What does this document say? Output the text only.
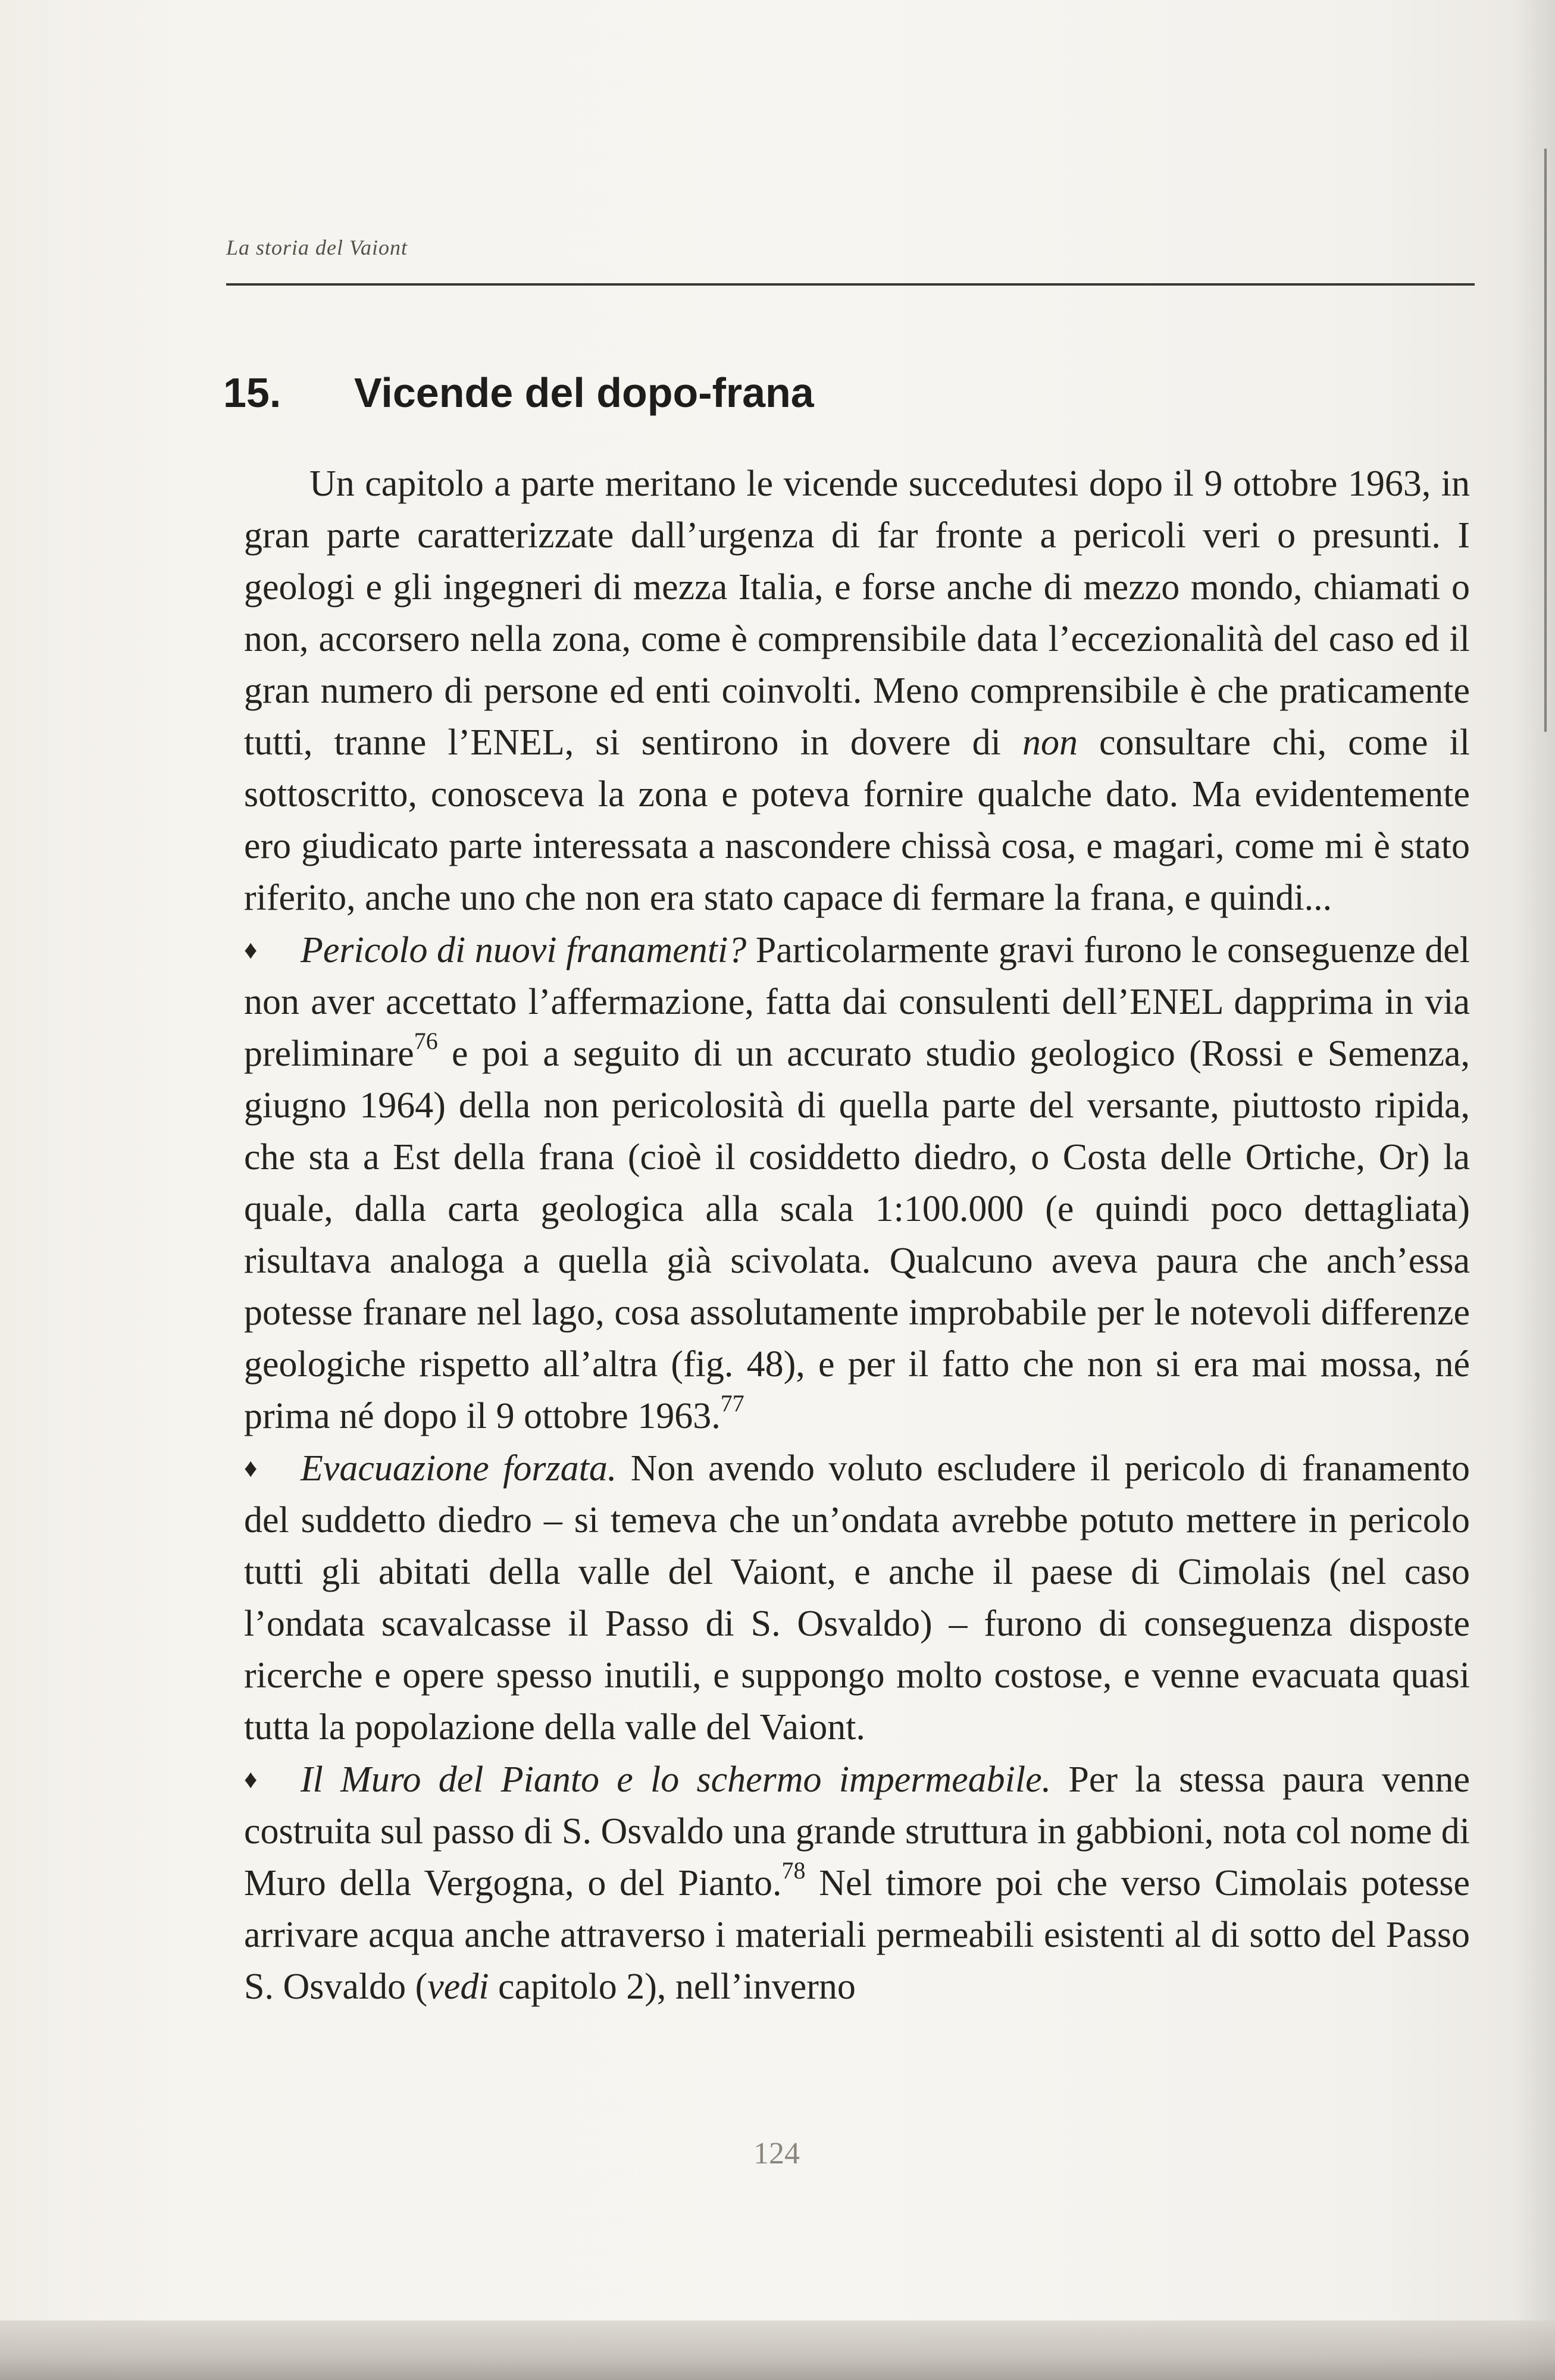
La storia del Vaiont
15. Vicende del dopo-frana

Un capitolo a parte meritano le vicende succedutesi dopo il 9 ottobre 1963, in gran parte caratterizzate dall’urgenza di far fronte a pericoli veri o presunti. I geologi e gli ingegneri di mezza Italia, e forse anche di mezzo mondo, chiamati o non, accorsero nella zona, come è comprensibile data l’eccezionalità del caso ed il gran numero di persone ed enti coinvolti. Meno comprensibile è che praticamente tutti, tranne l’ENEL, si sentirono in dovere di non consultare chi, come il sottoscritto, conosceva la zona e poteva fornire qualche dato. Ma evidentemente ero giudicato parte interessata a nascondere chissà cosa, e magari, come mi è stato riferito, anche uno che non era stato capace di fermare la frana, e quindi...

♦ Pericolo di nuovi franamenti? Particolarmente gravi furono le conseguenze del non aver accettato l’affermazione, fatta dai consulenti dell’ENEL dapprima in via preliminare$^{76}$ e poi a seguito di un accurato studio geologico (Rossi e Semenza, giugno 1964) della non pericolosità di quella parte del versante, piuttosto ripida, che sta a Est della frana (cioè il cosiddetto diedro, o Costa delle Ortiche, Or) la quale, dalla carta geologica alla scala 1:100.000 (e quindi poco dettagliata) risultava analoga a quella già scivolata. Qualcuno aveva paura che anch’essa potesse franare nel lago, cosa assolutamente improbabile per le notevoli differenze geologiche rispetto all’altra (fig. 48), e per il fatto che non si era mai mossa, né prima né dopo il 9 ottobre 1963.77

♦ Evacuazione forzata. Non avendo voluto escludere il pericolo di franamento del suddetto diedro – si temeva che un’ondata avrebbe potuto mettere in pericolo tutti gli abitati della valle del Vaiont, e anche il paese di Cimolais (nel caso l’ondata scavalcasse il Passo di S. Osvaldo) – furono di conseguenza disposte ricerche e opere spesso inutili, e suppongo molto costose, e venne evacuata quasi tutta la popolazione della valle del Vaiont.

♦ Il Muro del Pianto e lo schermo impermeabile. Per la stessa paura venne costruita sul passo di S. Osvaldo una grande struttura in gabbioni, nota col nome di Muro della Vergogna, o del Pianto.$^{78}$ Nel timore poi che verso Cimolais potesse arrivare acqua anche attraverso i materiali permeabili esistenti al di sotto del Passo S. Osvaldo (vedi capitolo 2), nell’inverno

124
